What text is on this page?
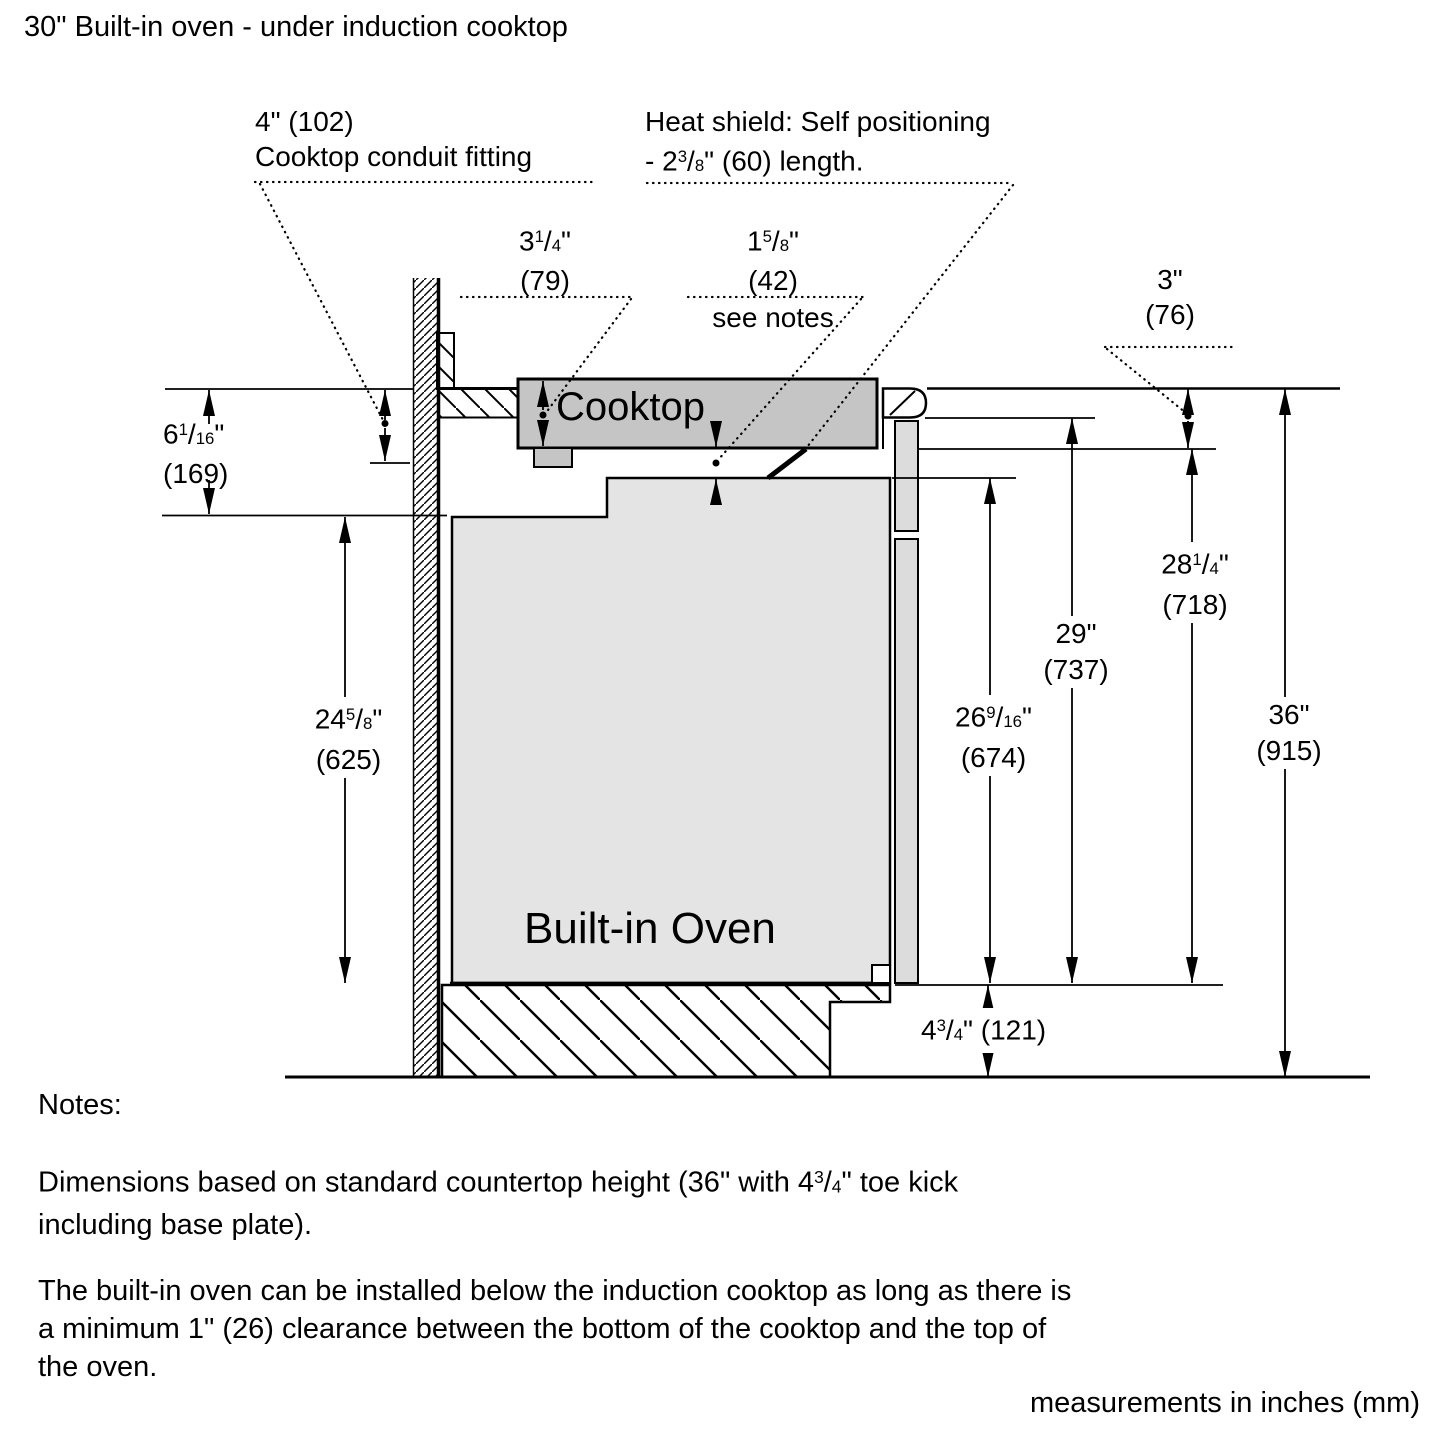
30" Built-in oven - under induction cooktop
4" (102)
Cooktop conduit fitting
Heat shield: Self positioning
- $2^3/8$" (60) length.
$3^1/4$"
(79)
$1^5/8$"
(42)
see notes
3"
(76)
$6^1/16$"
(169)
$24^5/8$"
(625)
$26^9/16$"
(674)
29"
(737)
$28^1/4$"
(718)
36"
(915)
$4^3/4$" (121)
Cooktop
Built-in Oven
Notes:
Dimensions based on standard countertop height (36" with $4^3/4$" toe kick
including base plate).
The built-in oven can be installed below the induction cooktop as long as there is
a minimum 1" (26) clearance between the bottom of the cooktop and the top of
the oven.
measurements in inches (mm)
